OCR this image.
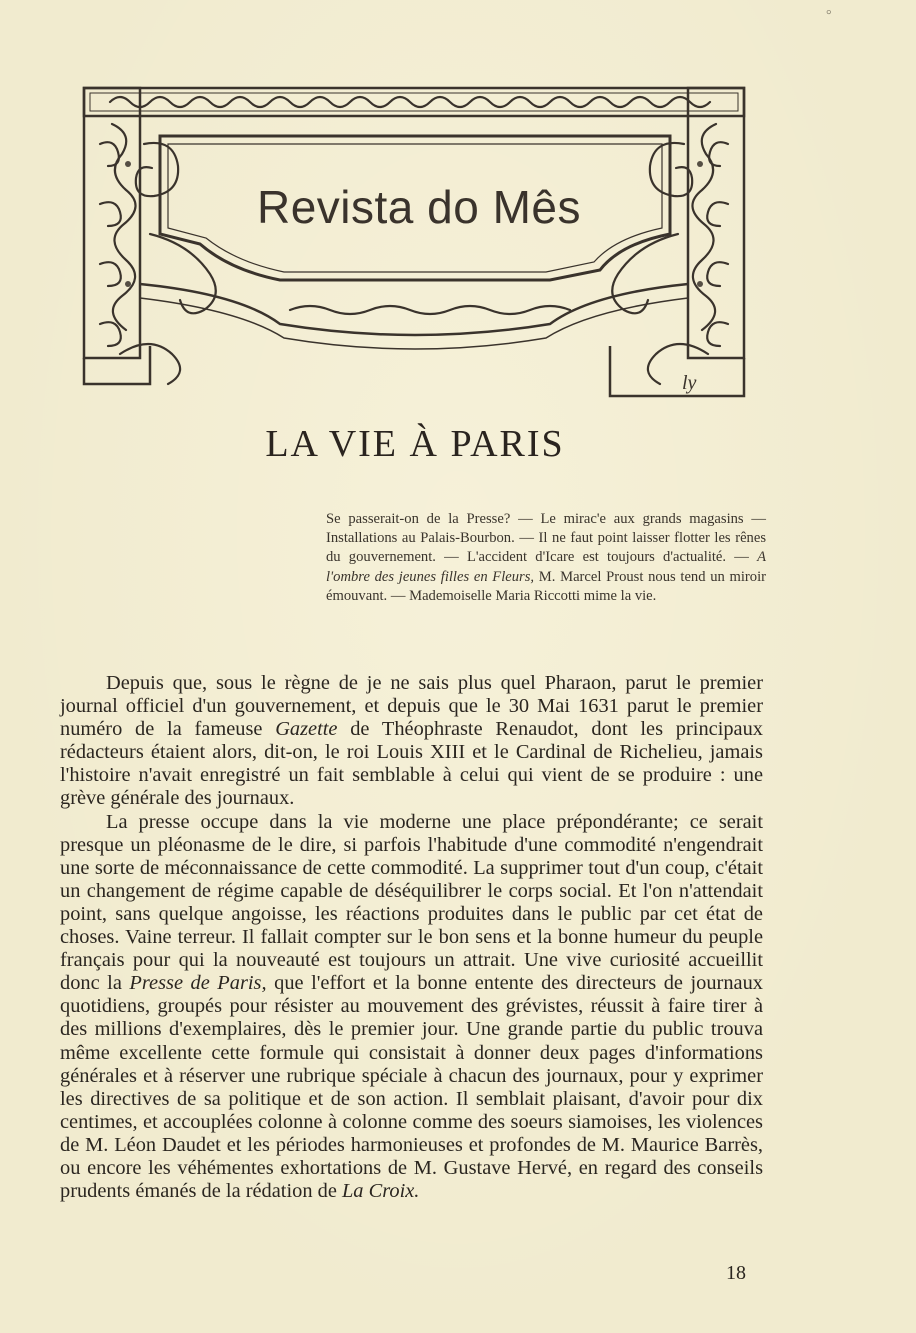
°
Revista do Mês
ly
LA VIE À PARIS

Se passerait-on de la Presse? — Le mirac'e aux grands magasins — Installations au Palais-Bourbon. — Il ne faut point laisser flotter les rênes du gouvernement. — L'accident d'Icare est toujours d'actualité. — A l'ombre des jeunes filles en Fleurs, M. Marcel Proust nous tend un miroir émouvant. — Mademoiselle Maria Riccotti mime la vie.

Depuis que, sous le règne de je ne sais plus quel Pharaon, parut le premier journal officiel d'un gouvernement, et depuis que le 30 Mai 1631 parut le premier numéro de la fameuse Gazette de Théophraste Renaudot, dont les principaux rédacteurs étaient alors, dit-on, le roi Louis XIII et le Cardinal de Richelieu, jamais l'histoire n'avait enregistré un fait semblable à celui qui vient de se produire : une grève générale des journaux.

La presse occupe dans la vie moderne une place prépondérante; ce serait presque un pléonasme de le dire, si parfois l'habitude d'une commodité n'engendrait une sorte de méconnaissance de cette commodité. La supprimer tout d'un coup, c'était un changement de régime capable de déséquilibrer le corps social. Et l'on n'attendait point, sans quelque angoisse, les réactions produites dans le public par cet état de choses. Vaine terreur. Il fallait compter sur le bon sens et la bonne humeur du peuple français pour qui la nouveauté est toujours un attrait. Une vive curiosité accueillit donc la Presse de Paris, que l'effort et la bonne entente des directeurs de journaux quotidiens, groupés pour résister au mouvement des grévistes, réussit à faire tirer à des millions d'exemplaires, dès le premier jour. Une grande partie du public trouva même excellente cette formule qui consistait à donner deux pages d'informations générales et à réserver une rubrique spéciale à chacun des journaux, pour y exprimer les directives de sa politique et de son action. Il semblait plaisant, d'avoir pour dix centimes, et accouplées colonne à colonne comme des soeurs siamoises, les violences de M. Léon Daudet et les périodes harmonieuses et profondes de M. Maurice Barrès, ou encore les véhémentes exhortations de M. Gustave Hervé, en regard des conseils prudents émanés de la rédation de La Croix.

18
